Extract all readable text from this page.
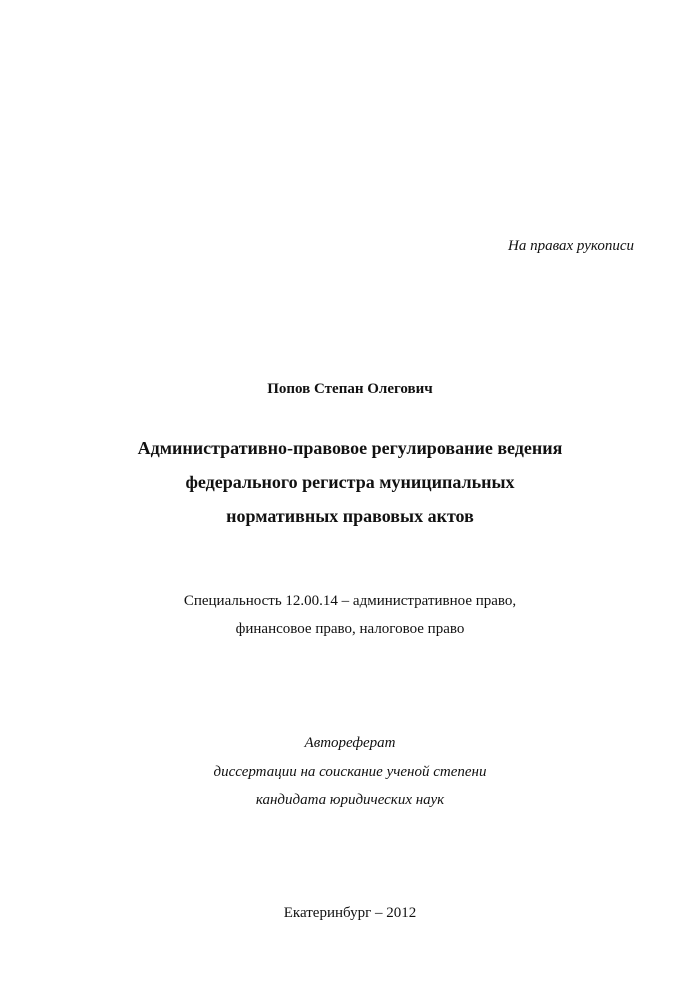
На правах рукописи
Попов Степан Олегович
Административно-правовое регулирование ведения
федерального регистра муниципальных
нормативных правовых актов
Специальность 12.00.14 – административное право,
финансовое право, налоговое право
Автореферат
диссертации на соискание ученой степени
кандидата юридических наук
Екатеринбург – 2012
